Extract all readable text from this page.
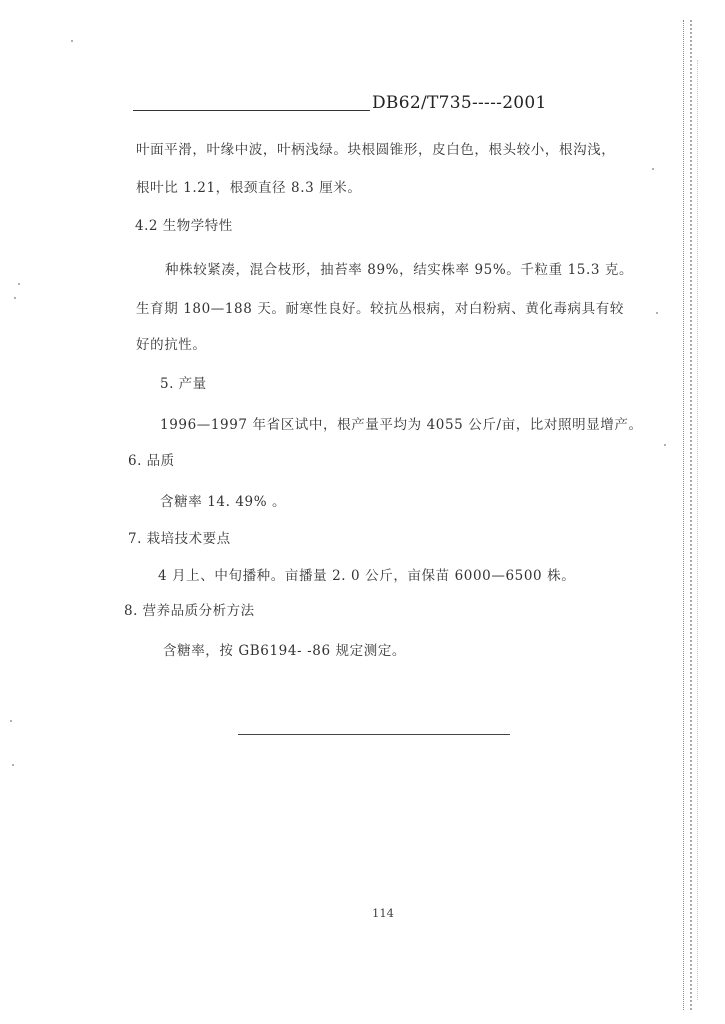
DB62/T735-----2001
叶面平滑，叶缘中波，叶柄浅绿。块根圆锥形，皮白色，根头较小，根沟浅，
根叶比 1.21，根颈直径 8.3 厘米。
4.2 生物学特性
种株较紧凑，混合枝形，抽苔率 89%，结实株率 95%。千粒重 15.3 克。
生育期 180—188 天。耐寒性良好。较抗丛根病，对白粉病、黄化毒病具有较
好的抗性。
5. 产量
1996—1997 年省区试中，根产量平均为 4055 公斤/亩，比对照明显增产。
6. 品质
含糖率 14. 49% 。
7. 栽培技术要点
4 月上、中旬播种。亩播量 2. 0 公斤，亩保苗 6000—6500 株。
8. 营养品质分析方法
含糖率，按 GB6194- -86 规定测定。
114
